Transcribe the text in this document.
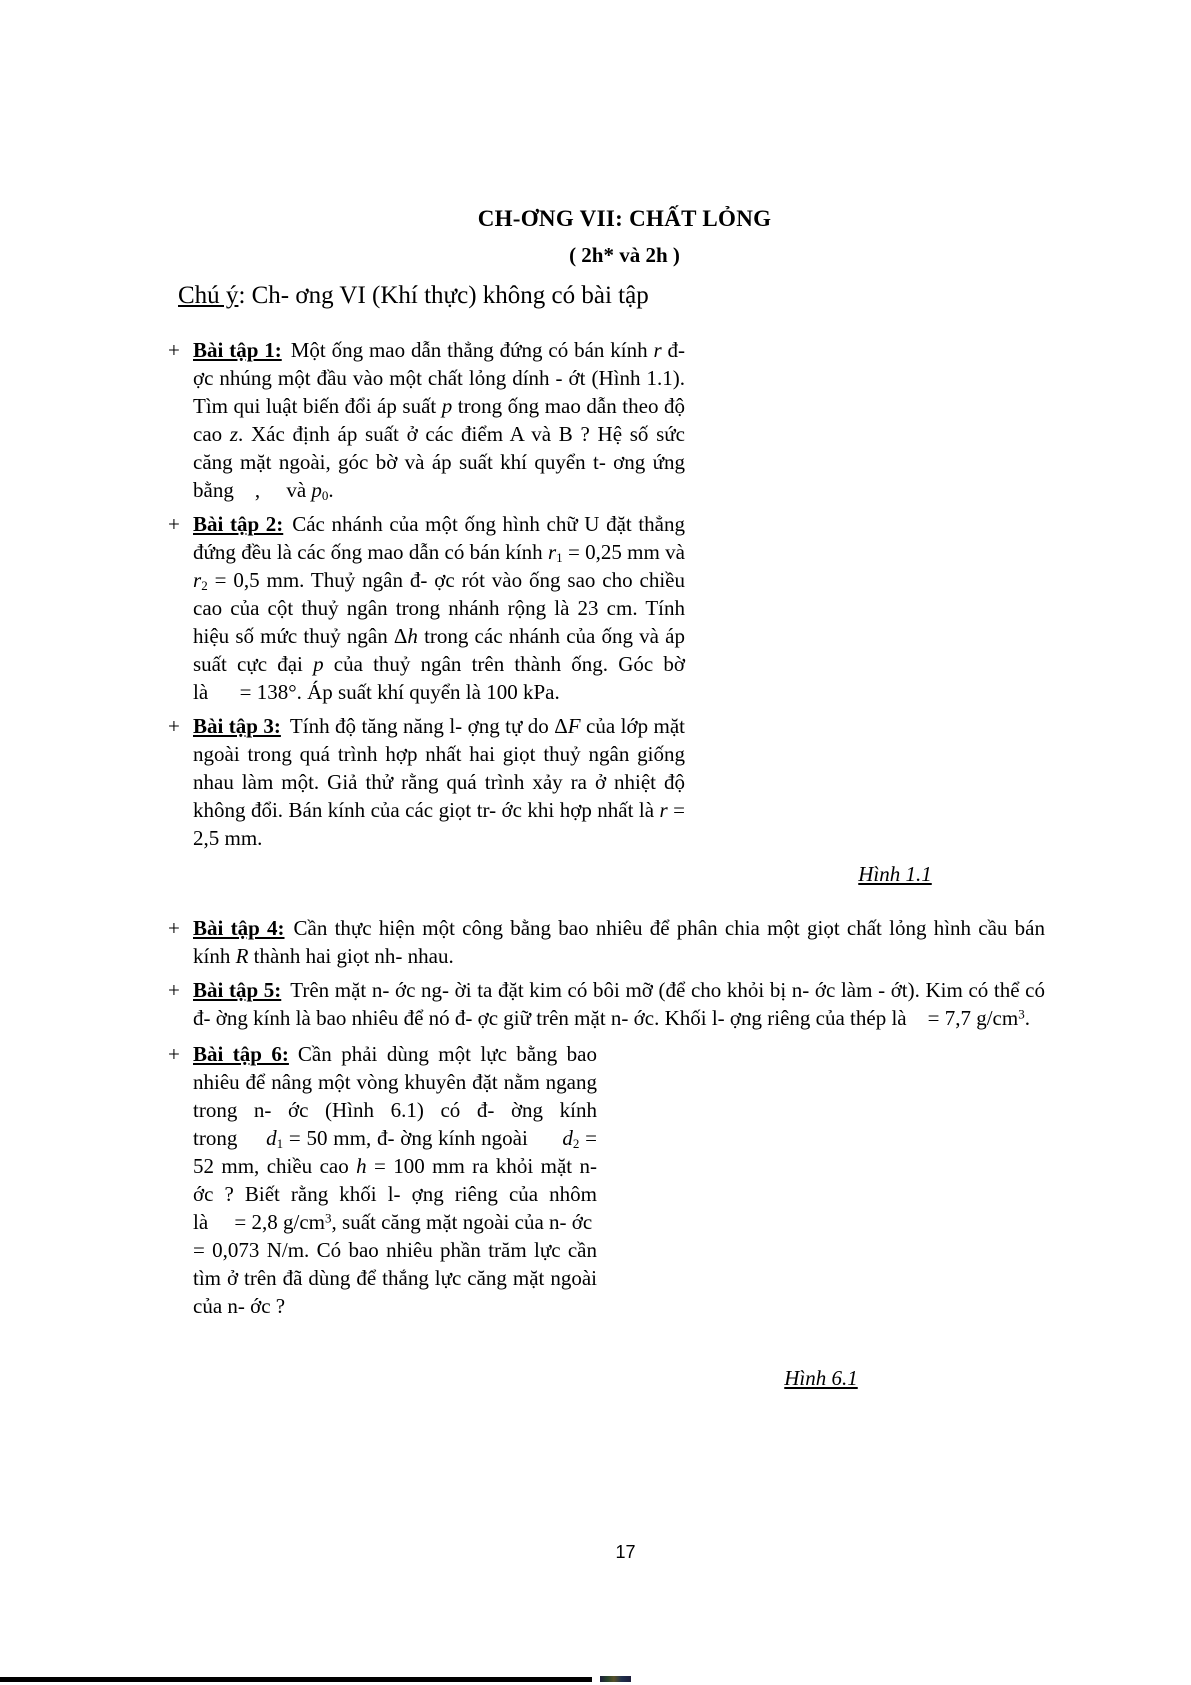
CH-ƠNG VII: CHẤT LỎNG
( 2h* và 2h )
Chú ý: Ch- ơng VI (Khí thực) không có bài tập
Hình 1.1
+ Bài tập 1: Một ống mao dẫn thẳng đứng có bán kính r đ- ợc nhúng một đầu vào một chất lỏng dính - ớt (Hình 1.1). Tìm qui luật biến đổi áp suất p trong ống mao dẫn theo độ cao z. Xác định áp suất ở các điểm A và B ? Hệ số sức căng mặt ngoài, góc bờ và áp suất khí quyển t- ơng ứng bằng    ,     và $p_0$.
+ Bài tập 2: Các nhánh của một ống hình chữ U đặt thẳng đứng đều là các ống mao dẫn có bán kính $r_1 = 0,25$ mm và $r_2 = 0,5$ mm. Thuỷ ngân đ- ợc rót vào ống sao cho chiều cao của cột thuỷ ngân trong nhánh rộng là 23 cm. Tính hiệu số mức thuỷ ngân Δh trong các nhánh của ống và áp suất cực đại p của thuỷ ngân trên thành ống. Góc bờ là      = 138°. Áp suất khí quyển là 100 kPa.
+ Bài tập 3: Tính độ tăng năng l- ợng tự do ΔF của lớp mặt ngoài trong quá trình hợp nhất hai giọt thuỷ ngân giống nhau làm một. Giả thử rằng quá trình xảy ra ở nhiệt độ không đổi. Bán kính của các giọt tr- ớc khi hợp nhất là r = 2,5 mm.
+ Bài tập 4: Cần thực hiện một công bằng bao nhiêu để phân chia một giọt chất lỏng hình cầu bán kính R thành hai giọt nh- nhau.
+ Bài tập 5: Trên mặt n- ớc ng- ời ta đặt kim có bôi mỡ (để cho khỏi bị n- ớc làm - ớt). Kim có thể có đ- ờng kính là bao nhiêu để nó đ- ợc giữ trên mặt n- ớc. Khối l- ợng riêng của thép là    = 7,7 $g/cm^3$.
Hình 6.1
+ Bài tập 6: Cần phải dùng một lực bằng bao nhiêu để nâng một vòng khuyên đặt nằm ngang trong n- ớc (Hình 6.1) có đ- ờng kính trong     $d_1 = 50$ mm, đ- ờng kính ngoài      $d_2 = 52$ mm, chiều cao h = 100 mm ra khỏi mặt n- ớc ? Biết rằng khối l- ợng riêng của nhôm là     = 2,8 $g/cm^3$, suất căng mặt ngoài của n- ớc
= 0,073 N/m. Có bao nhiêu phần trăm lực cần tìm ở trên đã dùng để thắng lực căng mặt ngoài của n- ớc ?
17
